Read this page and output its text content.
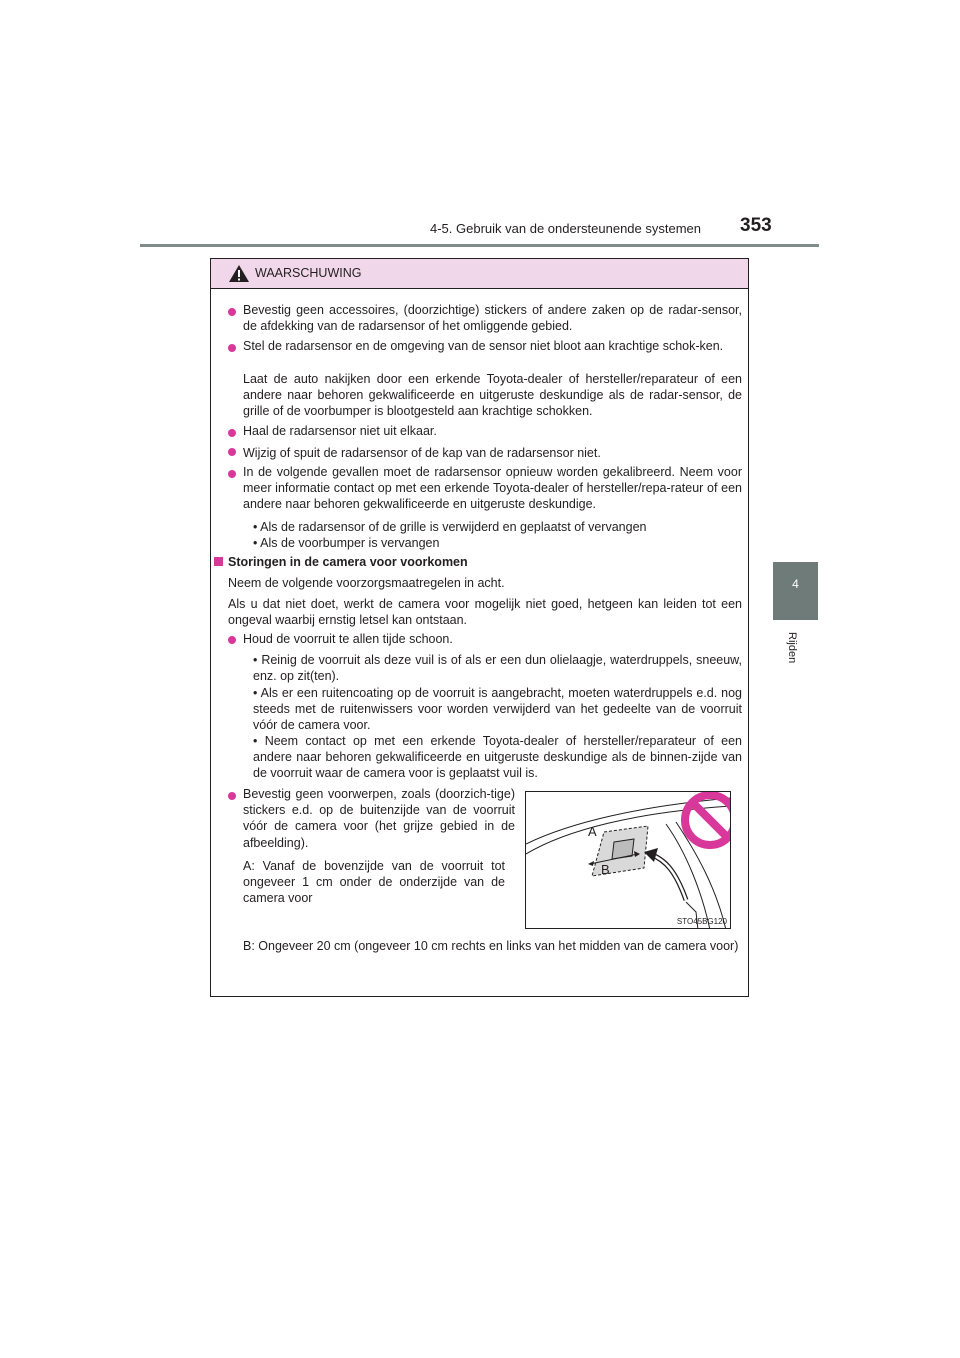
4-5. Gebruik van de ondersteunende systemen 353
4
Rijden
WAARSCHUWING
Bevestig geen accessoires, (doorzichtige) stickers of andere zaken op de radar-sensor, de afdekking van de radarsensor of het omliggende gebied.
Stel de radarsensor en de omgeving van de sensor niet bloot aan krachtige schok-ken.
Laat de auto nakijken door een erkende Toyota-dealer of hersteller/reparateur of een andere naar behoren gekwalificeerde en uitgeruste deskundige als de radar-sensor, de grille of de voorbumper is blootgesteld aan krachtige schokken.
Haal de radarsensor niet uit elkaar.
Wijzig of spuit de radarsensor of de kap van de radarsensor niet.
In de volgende gevallen moet de radarsensor opnieuw worden gekalibreerd. Neem voor meer informatie contact op met een erkende Toyota-dealer of hersteller/repa-rateur of een andere naar behoren gekwalificeerde en uitgeruste deskundige.
• Als de radarsensor of de grille is verwijderd en geplaatst of vervangen
• Als de voorbumper is vervangen
Storingen in de camera voor voorkomen
Neem de volgende voorzorgsmaatregelen in acht.
Als u dat niet doet, werkt de camera voor mogelijk niet goed, hetgeen kan leiden tot een ongeval waarbij ernstig letsel kan ontstaan.
Houd de voorruit te allen tijde schoon.
• Reinig de voorruit als deze vuil is of als er een dun olielaagje, waterdruppels, sneeuw, enz. op zit(ten).
• Als er een ruitencoating op de voorruit is aangebracht, moeten waterdruppels e.d. nog steeds met de ruitenwissers voor worden verwijderd van het gedeelte van de voorruit vóór de camera voor.
• Neem contact op met een erkende Toyota-dealer of hersteller/reparateur of een andere naar behoren gekwalificeerde en uitgeruste deskundige als de binnen-zijde van de voorruit waar de camera voor is geplaatst vuil is.
Bevestig geen voorwerpen, zoals (doorzich-tige) stickers e.d. op de buitenzijde van de voorruit vóór de camera voor (het grijze gebied in de afbeelding).
A: Vanaf de bovenzijde van de voorruit tot ongeveer 1 cm onder de onderzijde van de camera voor
B: Ongeveer 20 cm (ongeveer 10 cm rechts en links van het midden van de camera voor)
A
B
STO45BG120
